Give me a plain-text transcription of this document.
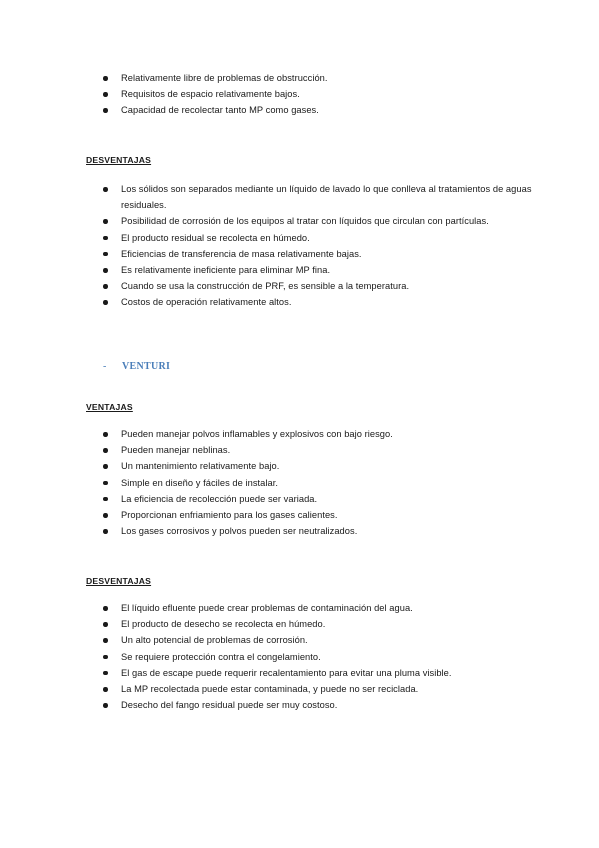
Relativamente libre de problemas de obstrucción.
Requisitos de espacio relativamente bajos.
Capacidad de recolectar tanto MP como gases.
DESVENTAJAS
Los sólidos son separados mediante un líquido de lavado lo que conlleva al tratamientos de aguas residuales.
Posibilidad de corrosión de los equipos al tratar con líquidos que circulan con partículas.
El producto residual se recolecta en húmedo.
Eficiencias de transferencia de masa relativamente bajas.
Es relativamente ineficiente para eliminar MP fina.
Cuando se usa la construcción de PRF, es sensible a la temperatura.
Costos de operación relativamente altos.
- VENTURI
VENTAJAS
Pueden manejar polvos inflamables y explosivos con bajo riesgo.
Pueden manejar neblinas.
Un mantenimiento relativamente bajo.
Simple en diseño y fáciles de instalar.
La eficiencia de recolección puede ser variada.
Proporcionan enfriamiento para los gases calientes.
Los gases corrosivos y polvos pueden ser neutralizados.
DESVENTAJAS
El líquido efluente puede crear problemas de contaminación del agua.
El producto de desecho se recolecta en húmedo.
Un alto potencial de problemas de corrosión.
Se requiere protección contra el congelamiento.
El gas de escape puede requerir recalentamiento para evitar una pluma visible.
La MP recolectada puede estar contaminada, y puede no ser reciclada.
Desecho del fango residual puede ser muy costoso.
